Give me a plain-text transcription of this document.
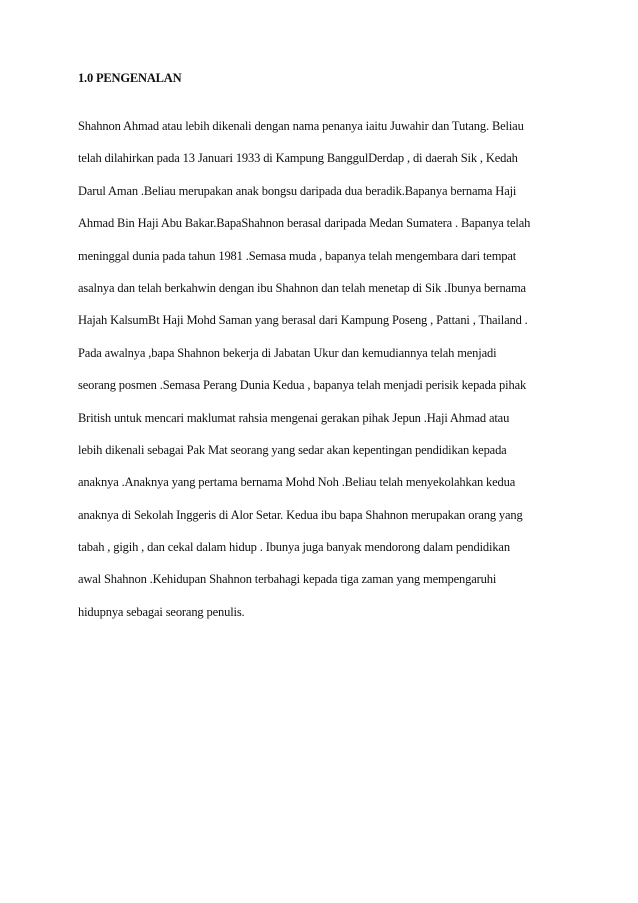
1.0 PENGENALAN
Shahnon Ahmad atau lebih dikenali dengan nama penanya iaitu Juwahir dan Tutang. Beliau
telah dilahirkan pada 13 Januari 1933 di Kampung BanggulDerdap , di daerah Sik , Kedah
Darul Aman .Beliau merupakan anak bongsu daripada dua beradik.Bapanya bernama Haji
Ahmad Bin Haji Abu Bakar.BapaShahnon berasal daripada Medan Sumatera . Bapanya telah
meninggal dunia pada tahun 1981 .Semasa muda , bapanya telah mengembara dari tempat
asalnya dan telah berkahwin dengan ibu Shahnon dan telah menetap di Sik .Ibunya bernama
Hajah KalsumBt Haji Mohd Saman yang berasal dari Kampung Poseng , Pattani , Thailand .
Pada awalnya ,bapa Shahnon bekerja di Jabatan Ukur dan kemudiannya telah menjadi
seorang posmen .Semasa Perang Dunia Kedua , bapanya telah menjadi perisik kepada pihak
British untuk mencari maklumat rahsia mengenai gerakan pihak Jepun .Haji Ahmad atau
lebih dikenali sebagai Pak Mat seorang yang sedar akan kepentingan pendidikan kepada
anaknya .Anaknya yang pertama bernama Mohd Noh .Beliau telah menyekolahkan kedua
anaknya di Sekolah Inggeris di Alor Setar. Kedua ibu bapa Shahnon merupakan orang yang
tabah , gigih , dan cekal dalam hidup . Ibunya juga banyak mendorong dalam pendidikan
awal Shahnon .Kehidupan Shahnon terbahagi kepada tiga zaman yang mempengaruhi
hidupnya sebagai seorang penulis.
